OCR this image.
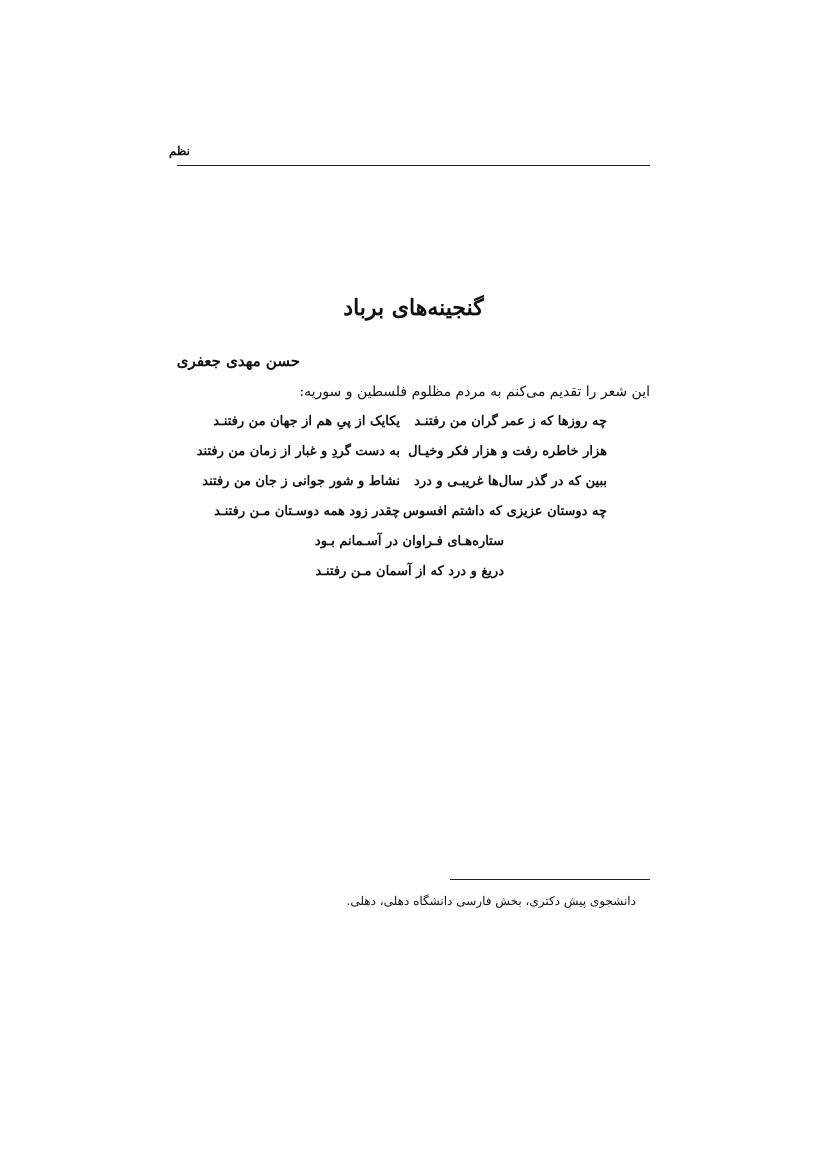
نظم
گنجینه‌های برباد
حسن مهدی جعفری
این شعر را تقدیم می‌کنم به مردم مظلوم فلسطین و سوریه:
چه روزها که ز عمر گران من رفتنـد
یکایک از پیِ هم از جهان من رفتنـد
هزار خاطره رفت و هزار فکر وخیـال
به دست گردِ و غبار از زمان من رفتند
ببین که در گذر سال‌ها غریبـی و درد
نشاط و شور جوانی ز جان من رفتند
چه دوستان عزیزی که داشتم افسوس
چقدر زود همه دوسـتان مـن رفتنـد
ستاره‌هـای فـراوان در آسـمانم بـود
دریغ و درد که از آسمان مـن رفتنـد
دانشجوی پیش دکتری، بخش فارسی دانشگاه دهلی، دهلی.
